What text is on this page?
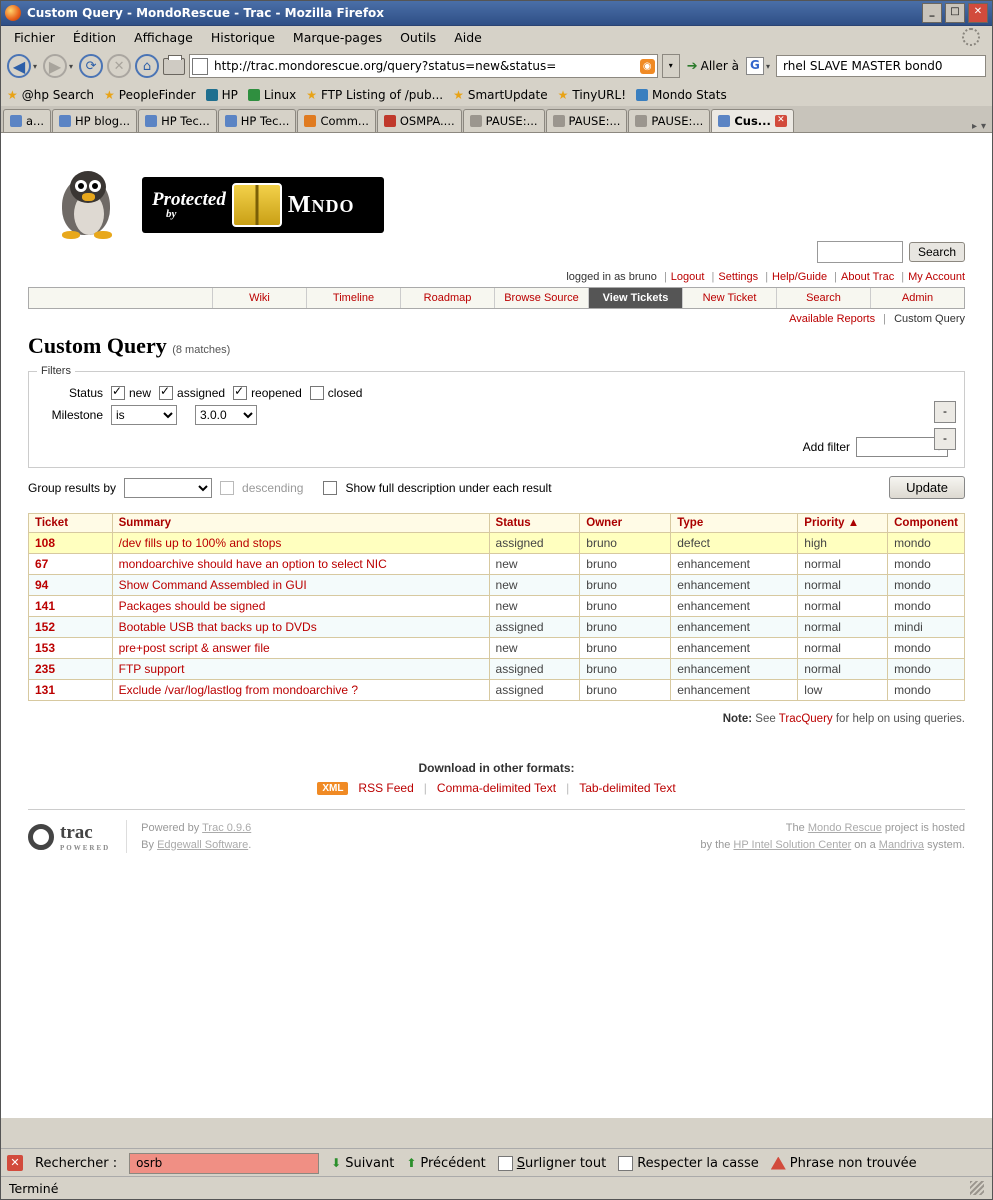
Custom Query - MondoRescue - Trac - Mozilla Firefox	_	□	✕
Fichier	Édition	Affichage	Historique	Marque-pages	Outils	Aide
◀ ▾ ▶ ▾ ⟳	✕	⌂
http://trac.mondorescue.org/query?status=new&status=	◉	▾	➔ Aller à G ▾
rhel SLAVE MASTER bond0
★ @hp Search ★ PeopleFinder HP Linux ★ FTP Listing of /pub... ★ SmartUpdate ★ TinyURL! Mondo Stats
a...	HP blog...	HP Tec...	HP Tec...	Comm...	OSMPA....	PAUSE:...	PAUSE:...	PAUSE:...	Cus... ✕
▸ ▾
Protected
by	MNDO
Search
logged in as bruno | Logout | Settings | Help/Guide | About Trac | My Account
Wiki	Timeline	Roadmap	Browse Source	View Tickets	New Ticket	Search	Admin
Available Reports | Custom Query
Custom Query (8 matches)
Filters
Status ✓ new ✓ assigned ✓ reopened closed
-
Milestone
is
3.0.0
-
Add filter
Group results by	descending	Show full description under each result	Update
Ticket	Summary	Status	Owner	Type	Priority ▲	Component
108	/dev fills up to 100% and stops	assigned	bruno	defect	high	mondo
67	mondoarchive should have an option to select NIC	new	bruno	enhancement	normal	mondo
94	Show Command Assembled in GUI	new	bruno	enhancement	normal	mondo
141	Packages should be signed	new	bruno	enhancement	normal	mondo
152	Bootable USB that backs up to DVDs	assigned	bruno	enhancement	normal	mindi
153	pre+post script & answer file	new	bruno	enhancement	normal	mondo
235	FTP support	assigned	bruno	enhancement	normal	mondo
131	Exclude /var/log/lastlog from mondoarchive ?	assigned	bruno	enhancement	low	mondo
Note: See TracQuery for help on using queries.
Download in other formats:
XML	RSS Feed | Comma-delimited Text | Tab-delimited Text
trac
POWERED
Powered by Trac 0.9.6
By Edgewall Software.
The Mondo Rescue project is hosted
by the HP Intel Solution Center on a Mandriva system.
✕ Rechercher :
osrb	⬇ Suivant ⬆ Précédent Surligner tout Respecter la casse Phrase non trouvée
Terminé
